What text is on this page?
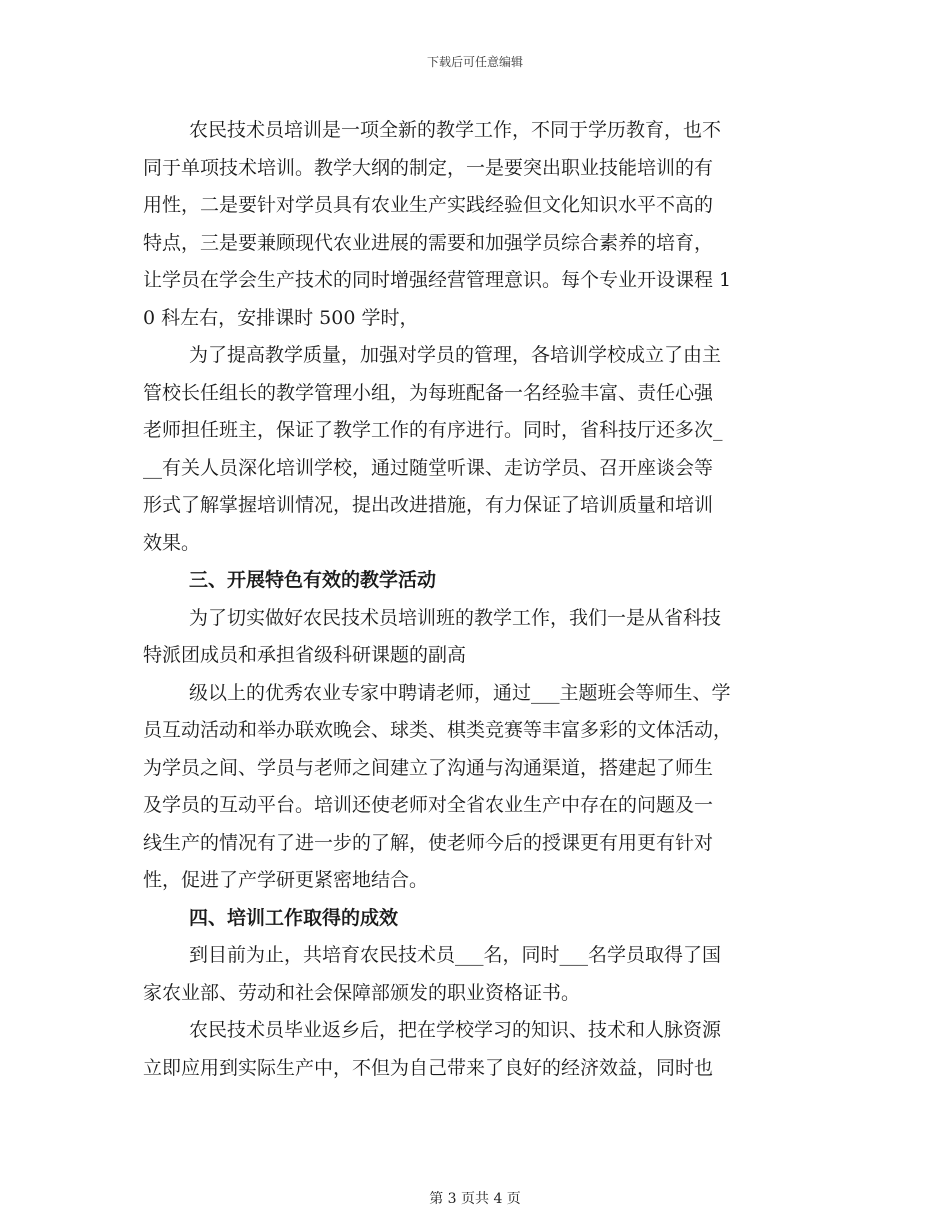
下载后可任意编辑
农民技术员培训是一项全新的教学工作，不同于学历教育，也不
同于单项技术培训。教学大纲的制定，一是要突出职业技能培训的有
用性，二是要针对学员具有农业生产实践经验但文化知识水平不高的
特点，三是要兼顾现代农业进展的需要和加强学员综合素养的培育，
让学员在学会生产技术的同时增强经营管理意识。每个专业开设课程 1
0 科左右，安排课时 500 学时，
为了提高教学质量，加强对学员的管理，各培训学校成立了由主
管校长任组长的教学管理小组，为每班配备一名经验丰富、责任心强
老师担任班主，保证了教学工作的有序进行。同时，省科技厅还多次_
__有关人员深化培训学校，通过随堂听课、走访学员、召开座谈会等
形式了解掌握培训情况，提出改进措施，有力保证了培训质量和培训
效果。
三、开展特色有效的教学活动
为了切实做好农民技术员培训班的教学工作，我们一是从省科技
特派团成员和承担省级科研课题的副高
级以上的优秀农业专家中聘请老师，通过___主题班会等师生、学
员互动活动和举办联欢晚会、球类、棋类竞赛等丰富多彩的文体活动，
为学员之间、学员与老师之间建立了沟通与沟通渠道，搭建起了师生
及学员的互动平台。培训还使老师对全省农业生产中存在的问题及一
线生产的情况有了进一步的了解，使老师今后的授课更有用更有针对
性，促进了产学研更紧密地结合。
四、培训工作取得的成效
到目前为止，共培育农民技术员___名，同时___名学员取得了国
家农业部、劳动和社会保障部颁发的职业资格证书。
农民技术员毕业返乡后，把在学校学习的知识、技术和人脉资源
立即应用到实际生产中，不但为自己带来了良好的经济效益，同时也
第 3 页共 4 页
